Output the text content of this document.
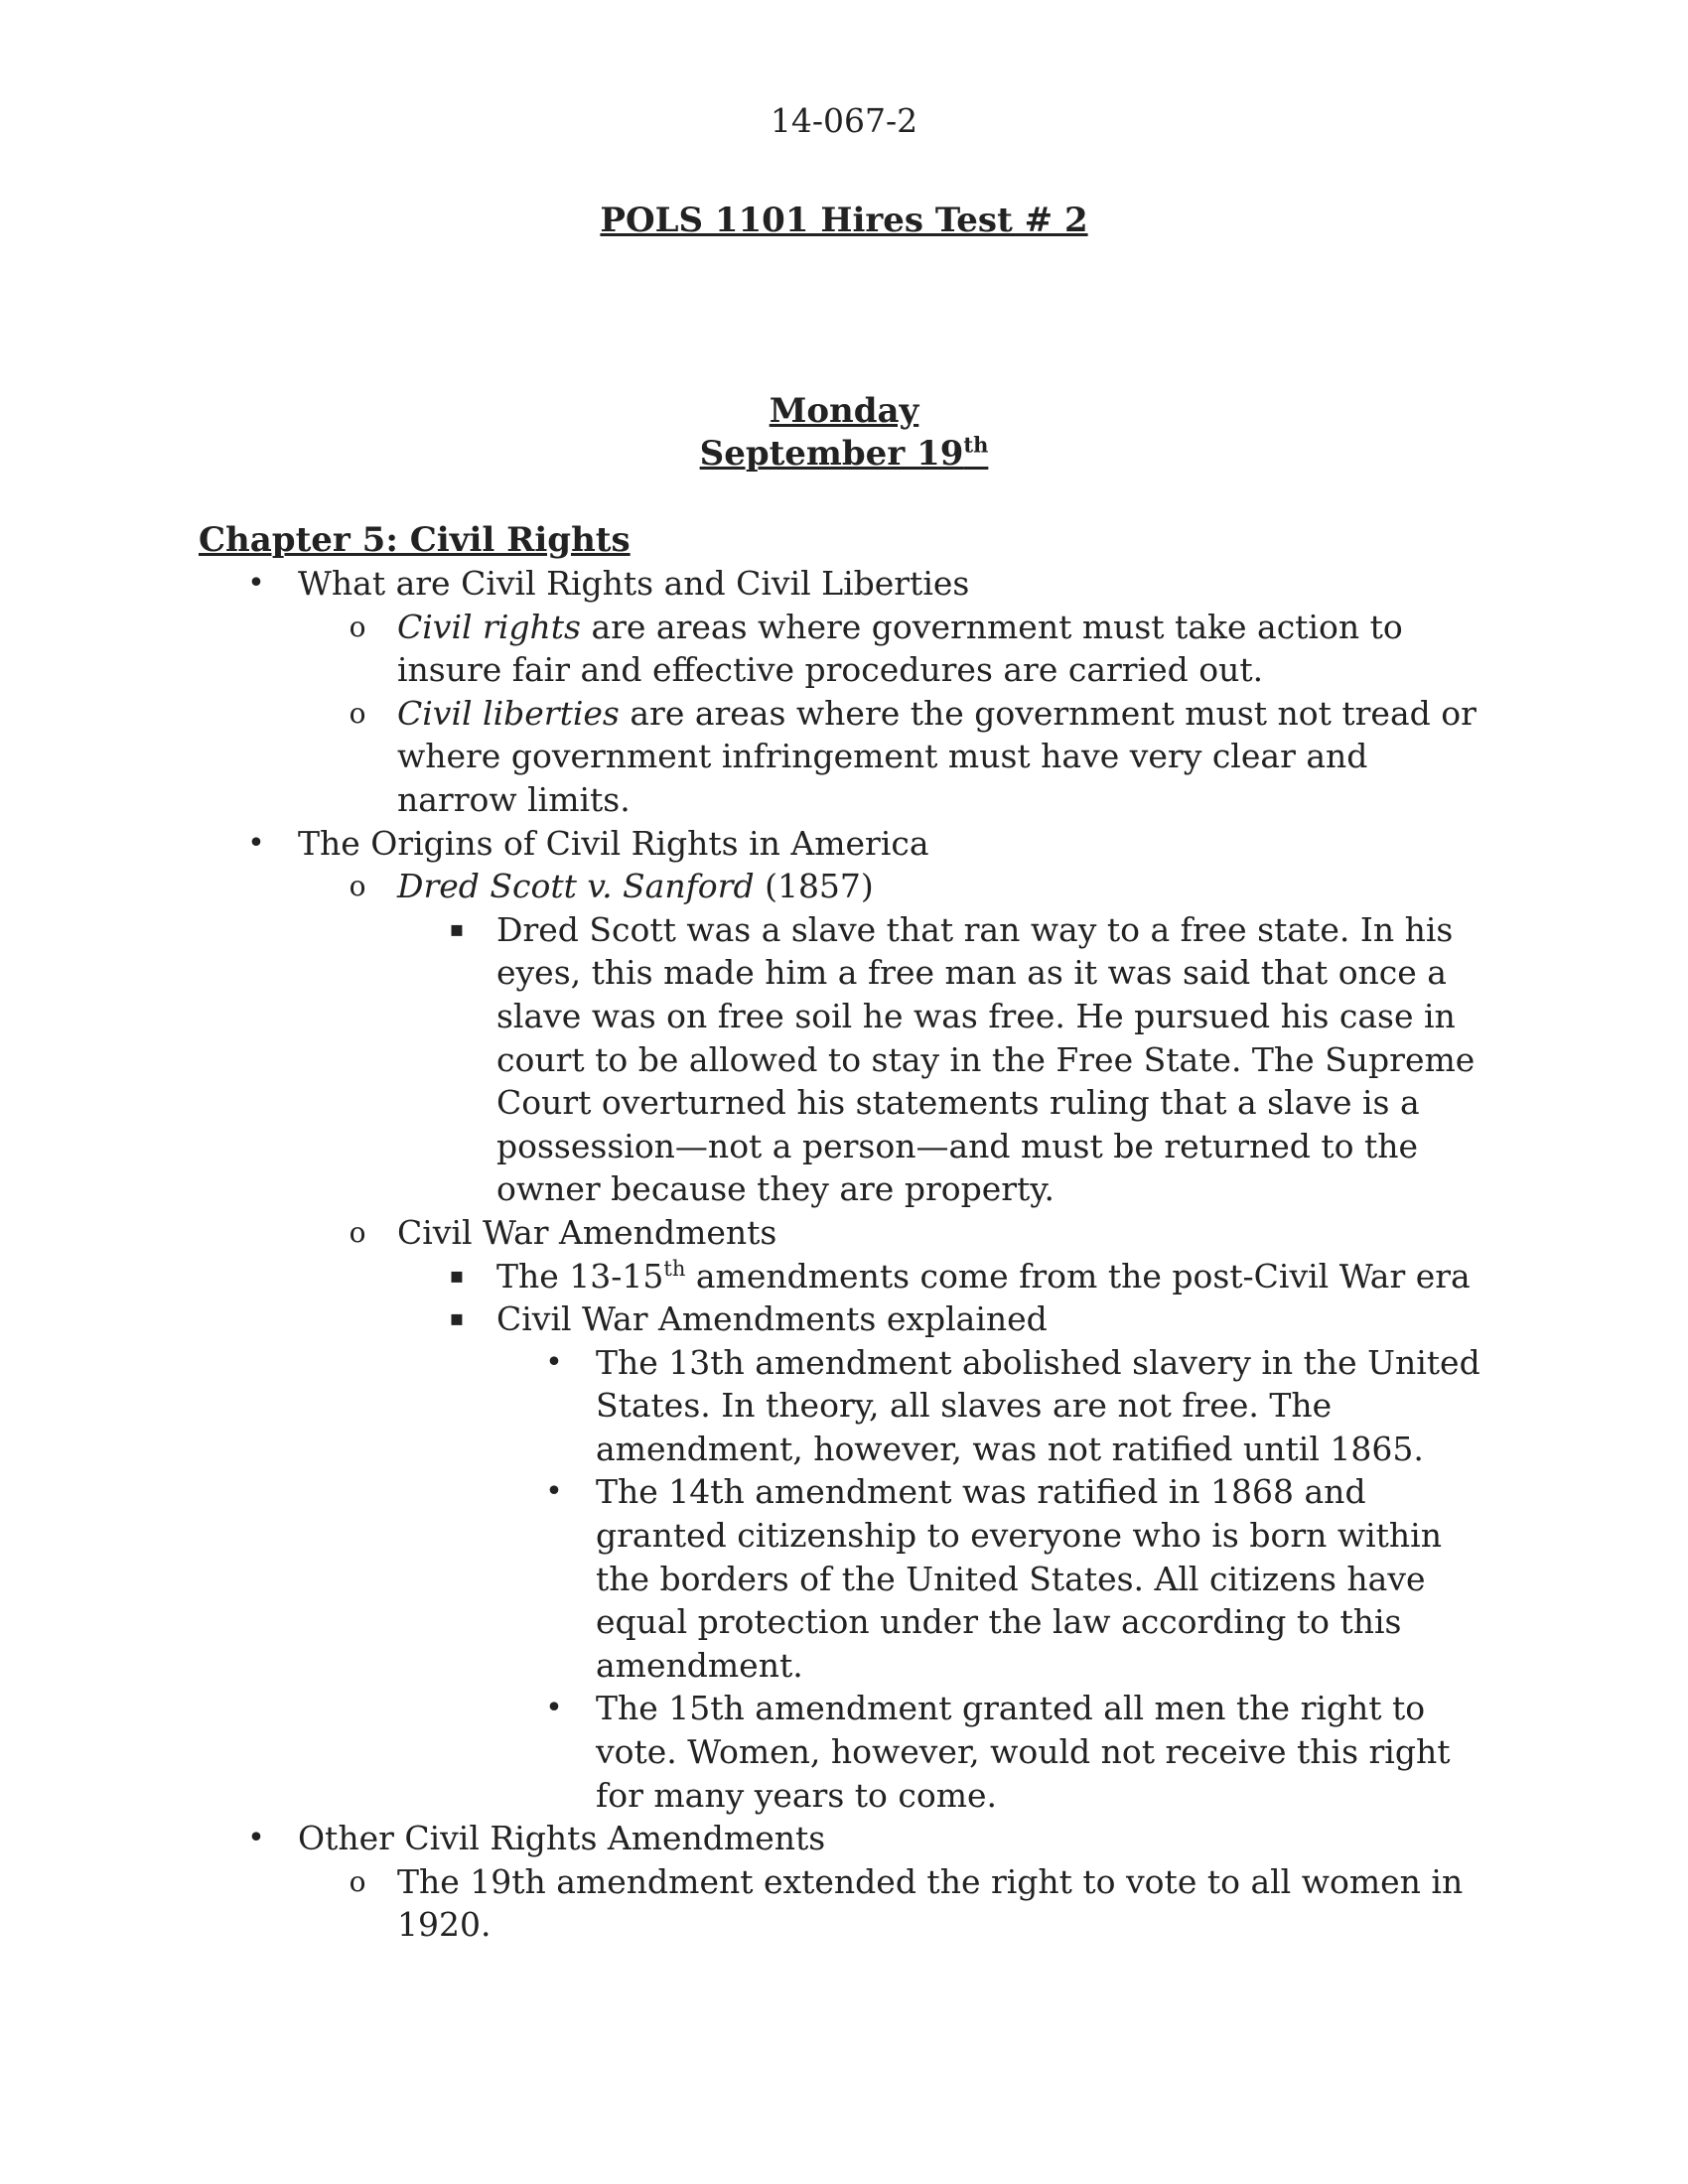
14-067-2
POLS 1101 Hires Test # 2
Monday
September 19th
Chapter 5: Civil Rights
•	What are Civil Rights and Civil Liberties
o Civil rights are areas where government must take action to insure fair and effective procedures are carried out.
o Civil liberties are areas where the government must not tread or where government infringement must have very clear and narrow limits.
•	The Origins of Civil Rights in America
o Dred Scott v. Sanford (1857)
▪ Dred Scott was a slave that ran way to a free state. In his eyes, this made him a free man as it was said that once a slave was on free soil he was free. He pursued his case in court to be allowed to stay in the Free State. The Supreme Court overturned his statements ruling that a slave is a possession—not a person—and must be returned to the owner because they are property.
o Civil War Amendments
▪ The 13-15th amendments come from the post-Civil War era
▪ Civil War Amendments explained
•	The 13th amendment abolished slavery in the United States. In theory, all slaves are not free. The amendment, however, was not ratified until 1865.
•	The 14th amendment was ratified in 1868 and granted citizenship to everyone who is born within the borders of the United States. All citizens have equal protection under the law according to this amendment.
•	The 15th amendment granted all men the right to vote. Women, however, would not receive this right for many years to come.
•	Other Civil Rights Amendments
o The 19th amendment extended the right to vote to all women in 1920.
